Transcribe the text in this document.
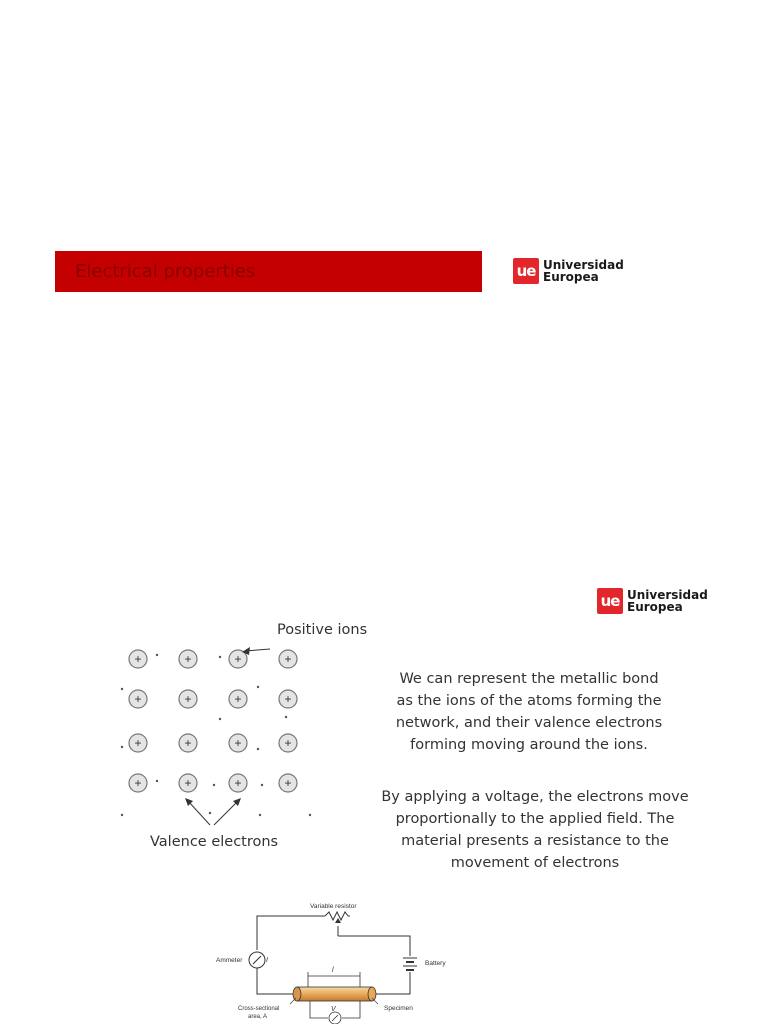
Electrical properties	ue Universidad
Europea
ue Universidad
Europea
+	+	+	+
+	+	+	+
+	+	+	+
+	+	+	+
Positive ions
Valence electrons
We can represent the metallic bond
as the ions of the atoms forming the
network, and their valence electrons
forming moving around the ions.
By applying a voltage, the electrons move
proportionally to the applied field. The
material presents a resistance to the
movement of electrons
Variable resistor
Ammeter	I	Battery
l
Cross-sectional
area, A
Specimen
V
